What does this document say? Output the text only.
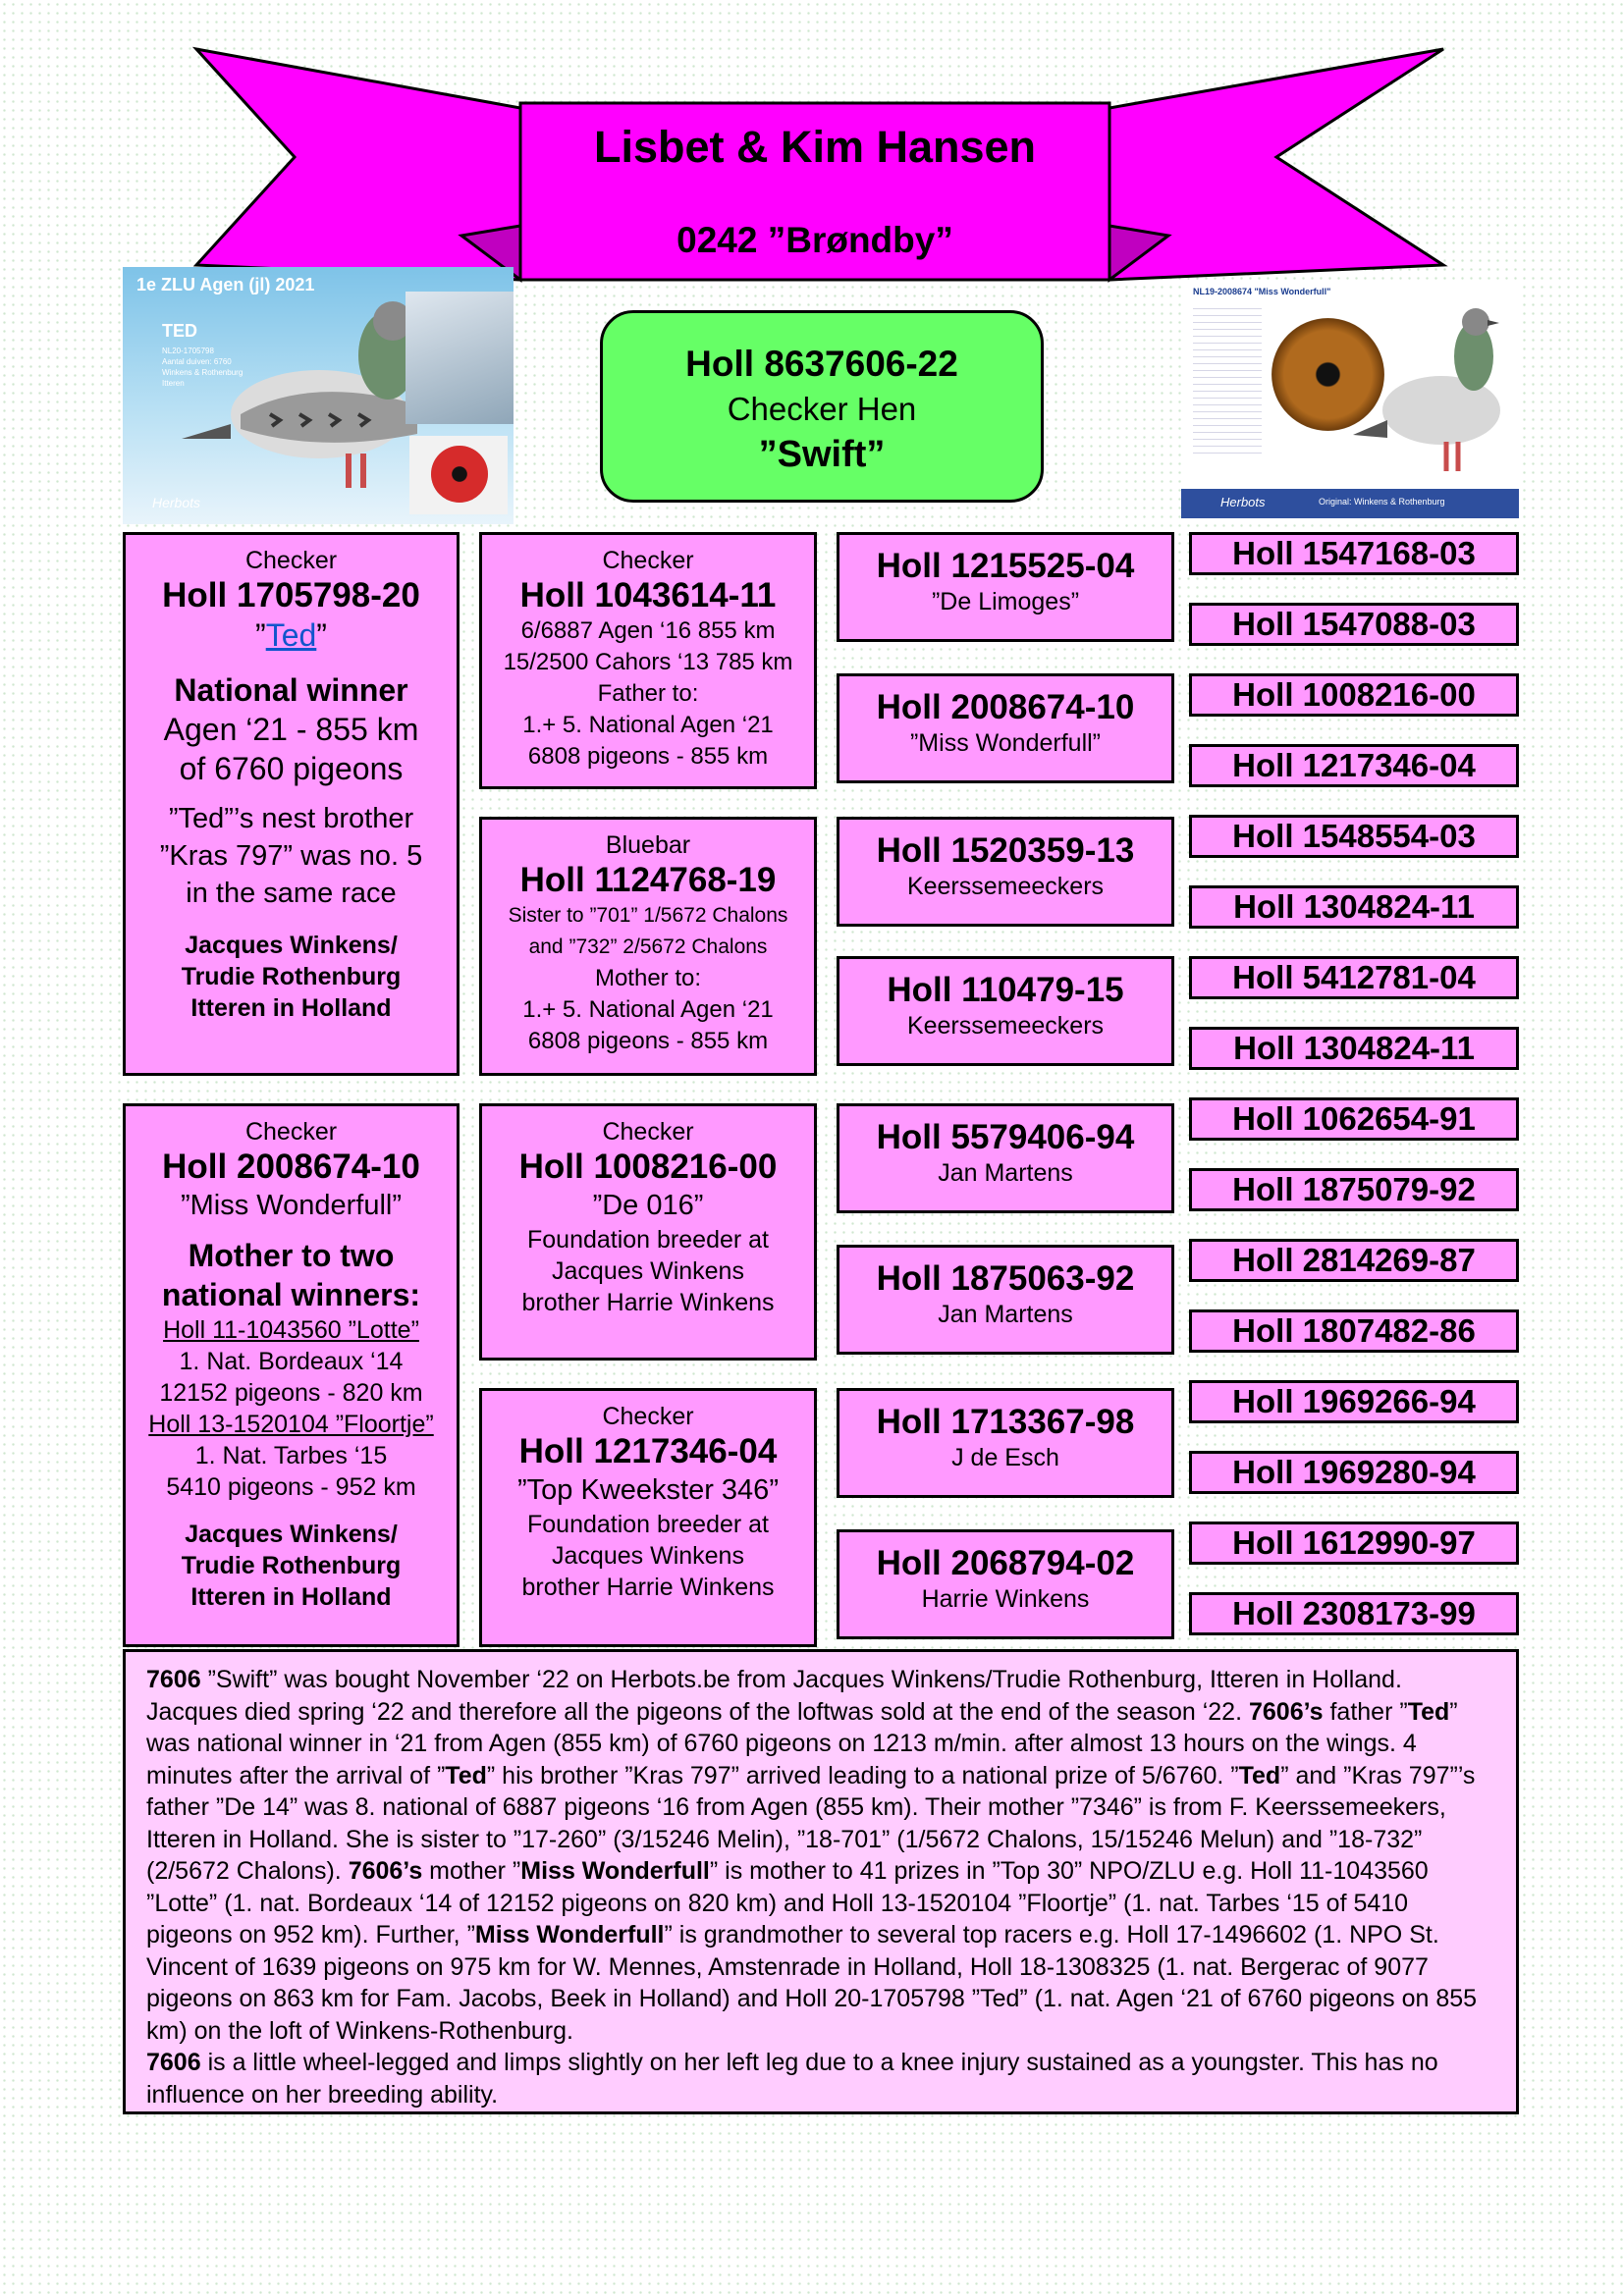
Lisbet & Kim Hansen
0242 ”Brøndby”
1e ZLU Agen (jl) 2021
TED
NL20-1705798
Aantal duiven: 6760
Winkens & Rothenburg
Itteren
Herbots
NL19-2008674 "Miss Wonderfull"
Herbots	Original: Winkens & Rothenburg
Holl 8637606-22
Checker Hen
”Swift”
Checker
Holl 1705798-20
”Ted”
National winner
Agen ‘21 - 855 km
of 6760 pigeons
”Ted”’s nest brother
”Kras 797” was no. 5
in the same race
Jacques Winkens/
Trudie Rothenburg
Itteren in Holland
Checker
Holl 2008674-10
”Miss Wonderfull”
Mother to two
national winners:
Holl 11-1043560 ”Lotte”
1. Nat. Bordeaux ‘14
12152 pigeons - 820 km
Holl 13-1520104 ”Floortje”
1. Nat. Tarbes ‘15
5410 pigeons - 952 km
Jacques Winkens/
Trudie Rothenburg
Itteren in Holland
Checker
Holl 1043614-11
6/6887 Agen ‘16 855 km
15/2500 Cahors ‘13 785 km
Father to:
1.+ 5. National Agen ‘21
6808 pigeons - 855 km
Bluebar
Holl 1124768-19
Sister to ”701” 1/5672 Chalons
and ”732” 2/5672 Chalons
Mother to:
1.+ 5. National Agen ‘21
6808 pigeons - 855 km
Checker
Holl 1008216-00
”De 016”
Foundation breeder at
Jacques Winkens
brother Harrie Winkens
Checker
Holl 1217346-04
”Top Kweekster 346”
Foundation breeder at
Jacques Winkens
brother Harrie Winkens
Holl 1215525-04
”De Limoges”
Holl 2008674-10
”Miss Wonderfull”
Holl 1520359-13
Keerssemeeckers
Holl 110479-15
Keerssemeeckers
Holl 5579406-94
Jan Martens
Holl 1875063-92
Jan Martens
Holl 1713367-98
J de Esch
Holl 2068794-02
Harrie Winkens
Holl 1547168-03
Holl 1547088-03
Holl 1008216-00
Holl 1217346-04
Holl 1548554-03
Holl 1304824-11
Holl 5412781-04
Holl 1304824-11
Holl 1062654-91
Holl 1875079-92
Holl 2814269-87
Holl 1807482-86
Holl 1969266-94
Holl 1969280-94
Holl 1612990-97
Holl 2308173-99

7606 ”Swift” was bought November ‘22 on Herbots.be from Jacques Winkens/Trudie Rothenburg, Itteren in Holland. Jacques died spring ‘22 and therefore all the pigeons of the loftwas sold at the end of the season ‘22. 7606’s father ”Ted” was national winner in ‘21 from Agen (855 km) of 6760 pigeons on 1213 m/min. after almost 13 hours on the wings. 4 minutes after the arrival of ”Ted” his brother ”Kras 797” arrived leading to a national prize of 5/6760. ”Ted” and ”Kras 797”’s father ”De 14” was 8. national of 6887 pigeons ‘16 from Agen (855 km). Their mother ”7346” is from F. Keerssemeekers, Itteren in Holland. She is sister to ”17-260” (3/15246 Melin), ”18-701” (1/5672 Chalons, 15/15246 Melun) and ”18-732” (2/5672 Chalons). 7606’s mother ”Miss Wonderfull” is mother to 41 prizes in ”Top 30” NPO/ZLU e.g. Holl 11-1043560 ”Lotte” (1. nat. Bordeaux ‘14 of 12152 pigeons on 820 km) and Holl 13-1520104 ”Floortje” (1. nat. Tarbes ‘15 of 5410 pigeons on 952 km). Further, ”Miss Wonderfull” is grandmother to several top racers e.g. Holl 17-1496602 (1. NPO St. Vincent of 1639 pigeons on 975 km for W. Mennes, Amstenrade in Holland, Holl 18-1308325 (1. nat. Bergerac of 9077 pigeons on 863 km for Fam. Jacobs, Beek in Holland) and Holl 20-1705798 ”Ted” (1. nat. Agen ‘21 of 6760 pigeons on 855 km) on the loft of Winkens-Rothenburg.

7606 is a little wheel-legged and limps slightly on her left leg due to a knee injury sustained as a youngster. This has no influence on her breeding ability.
